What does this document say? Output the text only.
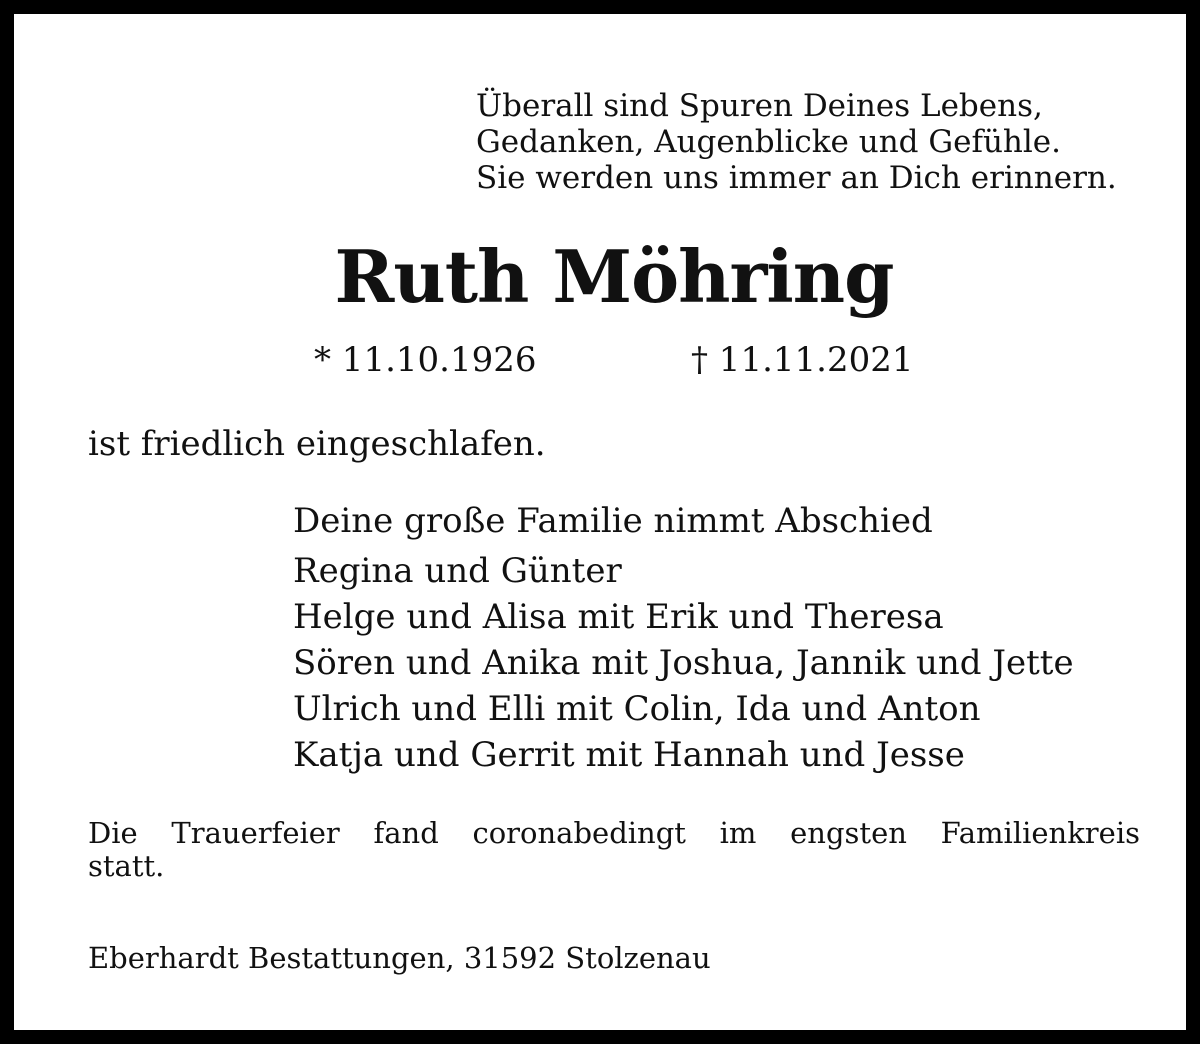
Überall sind Spuren Deines Lebens,
Gedanken, Augenblicke und Gefühle.
Sie werden uns immer an Dich erinnern.
Ruth Möhring
* 11.10.1926	† 11.11.2021
ist friedlich eingeschlafen.
Deine große Familie nimmt Abschied
Regina und Günter
Helge und Alisa mit Erik und Theresa
Sören und Anika mit Joshua, Jannik und Jette
Ulrich und Elli mit Colin, Ida und Anton
Katja und Gerrit mit Hannah und Jesse
Die Trauerfeier fand coronabedingt im engsten Familienkreis
statt.
Eberhardt Bestattungen, 31592 Stolzenau
